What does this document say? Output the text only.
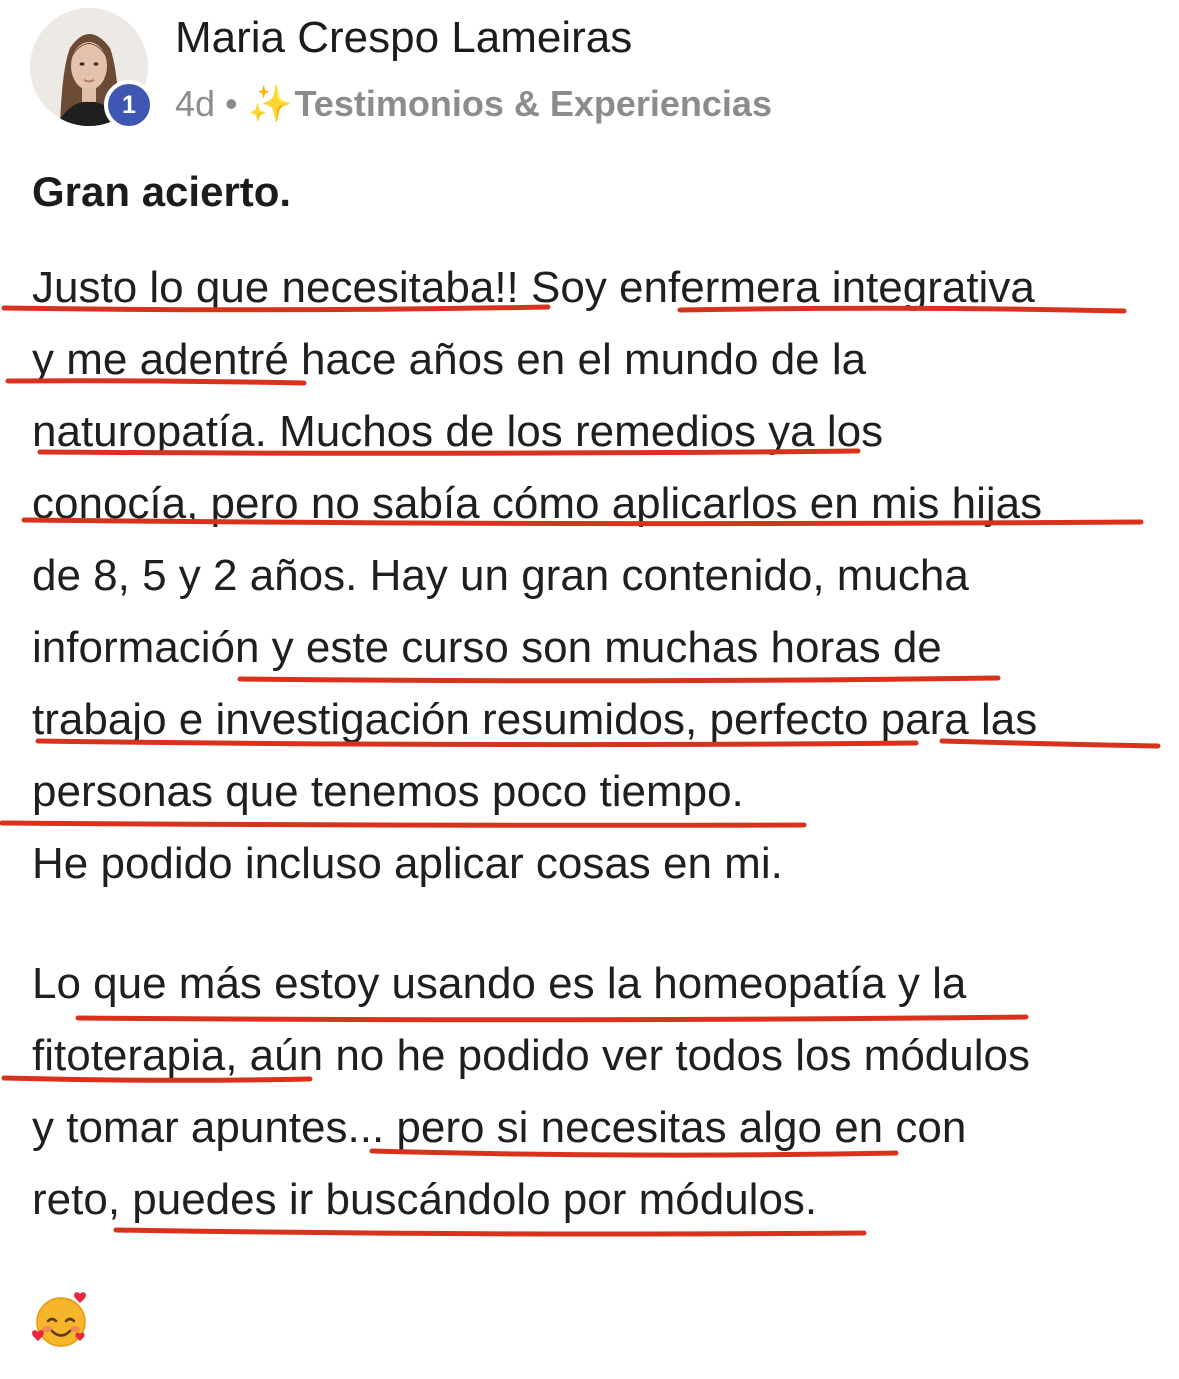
1
Maria Crespo Lameiras
4d • ✨Testimonios & Experiencias
Gran acierto.
Justo lo que necesitaba!! Soy enfermera integrativa
y me adentré hace años en el mundo de la
naturopatía. Muchos de los remedios ya los
conocía, pero no sabía cómo aplicarlos en mis hijas
de 8, 5 y 2 años. Hay un gran contenido, mucha
información y este curso son muchas horas de
trabajo e investigación resumidos, perfecto para las
personas que tenemos poco tiempo.
He podido incluso aplicar cosas en mi.
Lo que más estoy usando es la homeopatía y la
fitoterapia, aún no he podido ver todos los módulos
y tomar apuntes... pero si necesitas algo en con
reto, puedes ir buscándolo por módulos.
